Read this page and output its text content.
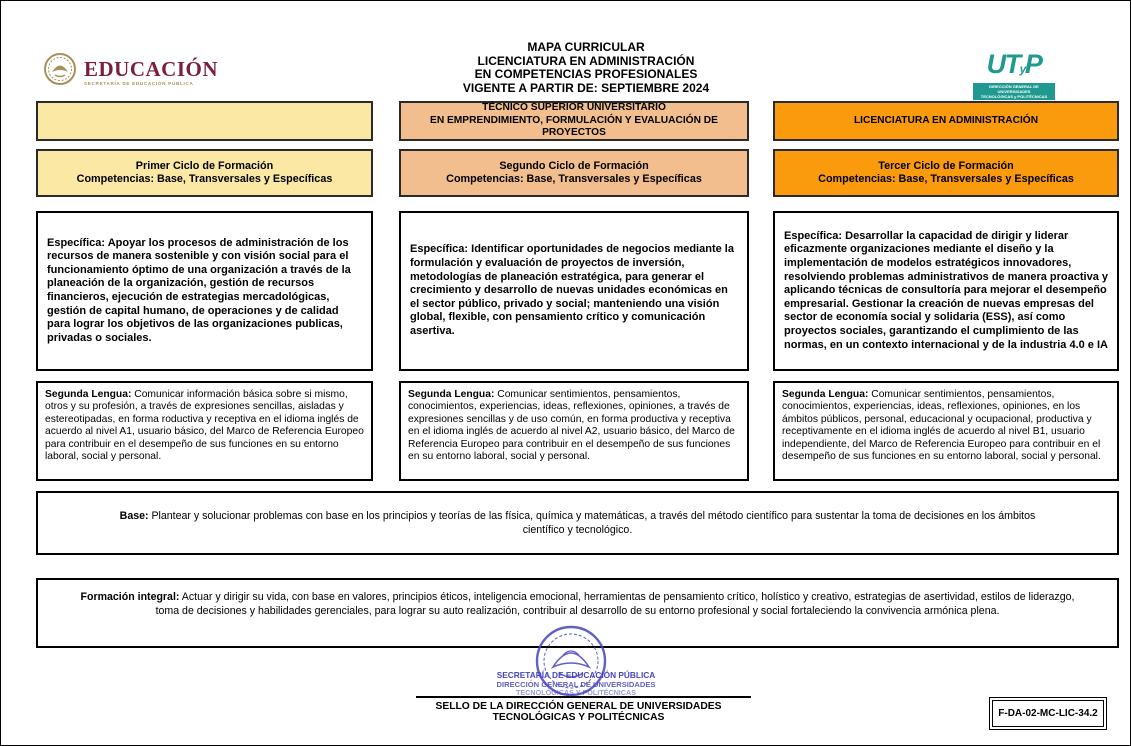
EDUCACIÓN
SECRETARÍA DE EDUCACIÓN PÚBLICA
MAPA CURRICULAR
LICENCIATURA EN ADMINISTRACIÓN
EN COMPETENCIAS PROFESIONALES
VIGENTE A PARTIR DE: SEPTIEMBRE 2024
UTyP
DIRECCIÓN GENERAL DE UNIVERSIDADES
TECNOLÓGICAS y POLITÉCNICAS
TÉCNICO SUPERIOR UNIVERSITARIO
EN EMPRENDIMIENTO, FORMULACIÓN Y EVALUACIÓN DE PROYECTOS
LICENCIATURA EN ADMINISTRACIÓN
Primer Ciclo de Formación
Competencias: Base, Transversales y Específicas
Segundo Ciclo de Formación
Competencias: Base, Transversales y Específicas
Tercer Ciclo de Formación
Competencias: Base, Transversales y Específicas
Específica: Apoyar los procesos de administración de los recursos de manera sostenible y con visión social para el funcionamiento óptimo de una organización a través de la planeación de la organización, gestión de recursos financieros, ejecución de estrategias mercadológicas, gestión de capital humano, de operaciones y de calidad para lograr los objetivos de las organizaciones publicas, privadas o sociales.
Específica: Identificar oportunidades de negocios mediante la formulación y evaluación de proyectos de inversión, metodologías de planeación estratégica, para generar el crecimiento y desarrollo de nuevas unidades económicas en el sector público, privado y social; manteniendo una visión global, flexible, con pensamiento crítico y comunicación asertiva.
Específica: Desarrollar la capacidad de dirigir y liderar eficazmente organizaciones mediante el diseño y la implementación de modelos estratégicos innovadores, resolviendo problemas administrativos de manera proactiva y aplicando técnicas de consultoría para mejorar el desempeño empresarial. Gestionar la creación de nuevas empresas del sector de economía social y solidaria (ESS), así como proyectos sociales, garantizando el cumplimiento de las normas, en un contexto internacional y de la industria 4.0 e IA
Segunda Lengua: Comunicar información básica sobre si mismo, otros y su profesión, a través de expresiones sencillas, aisladas y estereotipadas, en forma roductiva y receptiva en el idioma inglés de acuerdo al nivel A1, usuario básico, del Marco de Referencia Europeo para contribuir en el desempeño de sus funciones en su entorno laboral, social y personal.
Segunda Lengua: Comunicar sentimientos, pensamientos, conocimientos, experiencias, ideas, reflexiones, opiniones, a través de expresiones sencillas y de uso común, en forma productiva y receptiva en el idioma inglés de acuerdo al nivel A2, usuario básico, del Marco de Referencia Europeo para contribuir en el desempeño de sus funciones en su entorno laboral, social y personal.
Segunda Lengua: Comunicar sentimientos, pensamientos, conocimientos, experiencias, ideas, reflexiones, opiniones, en los ámbitos públicos, personal, educacional y ocupacional, productiva y receptivamente en el idioma inglés de acuerdo al nivel B1, usuario independiente, del Marco de Referencia Europeo para contribuir en el desempeño de sus funciones en su entorno laboral, social y personal.
Base: Plantear y solucionar problemas con base en los principios y teorías de las física, química y matemáticas, a través del método científico para sustentar la toma de decisiones en los ámbitos científico y tecnológico.
Formación integral: Actuar y dirigir su vida, con base en valores, principios éticos, inteligencia emocional, herramientas de pensamiento crítico, holístico y creativo, estrategias de asertividad, estilos de liderazgo, toma de decisiones y habilidades gerenciales, para lograr su auto realización, contribuir al desarrollo de su entorno profesional y social fortaleciendo la convivencia armónica plena.
SECRETARÍA DE EDUCACIÓN PÚBLICA
DIRECCIÓN GENERAL DE UNIVERSIDADES
TECNOLÓGICAS Y POLITÉCNICAS
SELLO DE LA DIRECCIÓN GENERAL DE UNIVERSIDADES
TECNOLÓGICAS Y POLITÉCNICAS	F-DA-02-MC-LIC-34.2
